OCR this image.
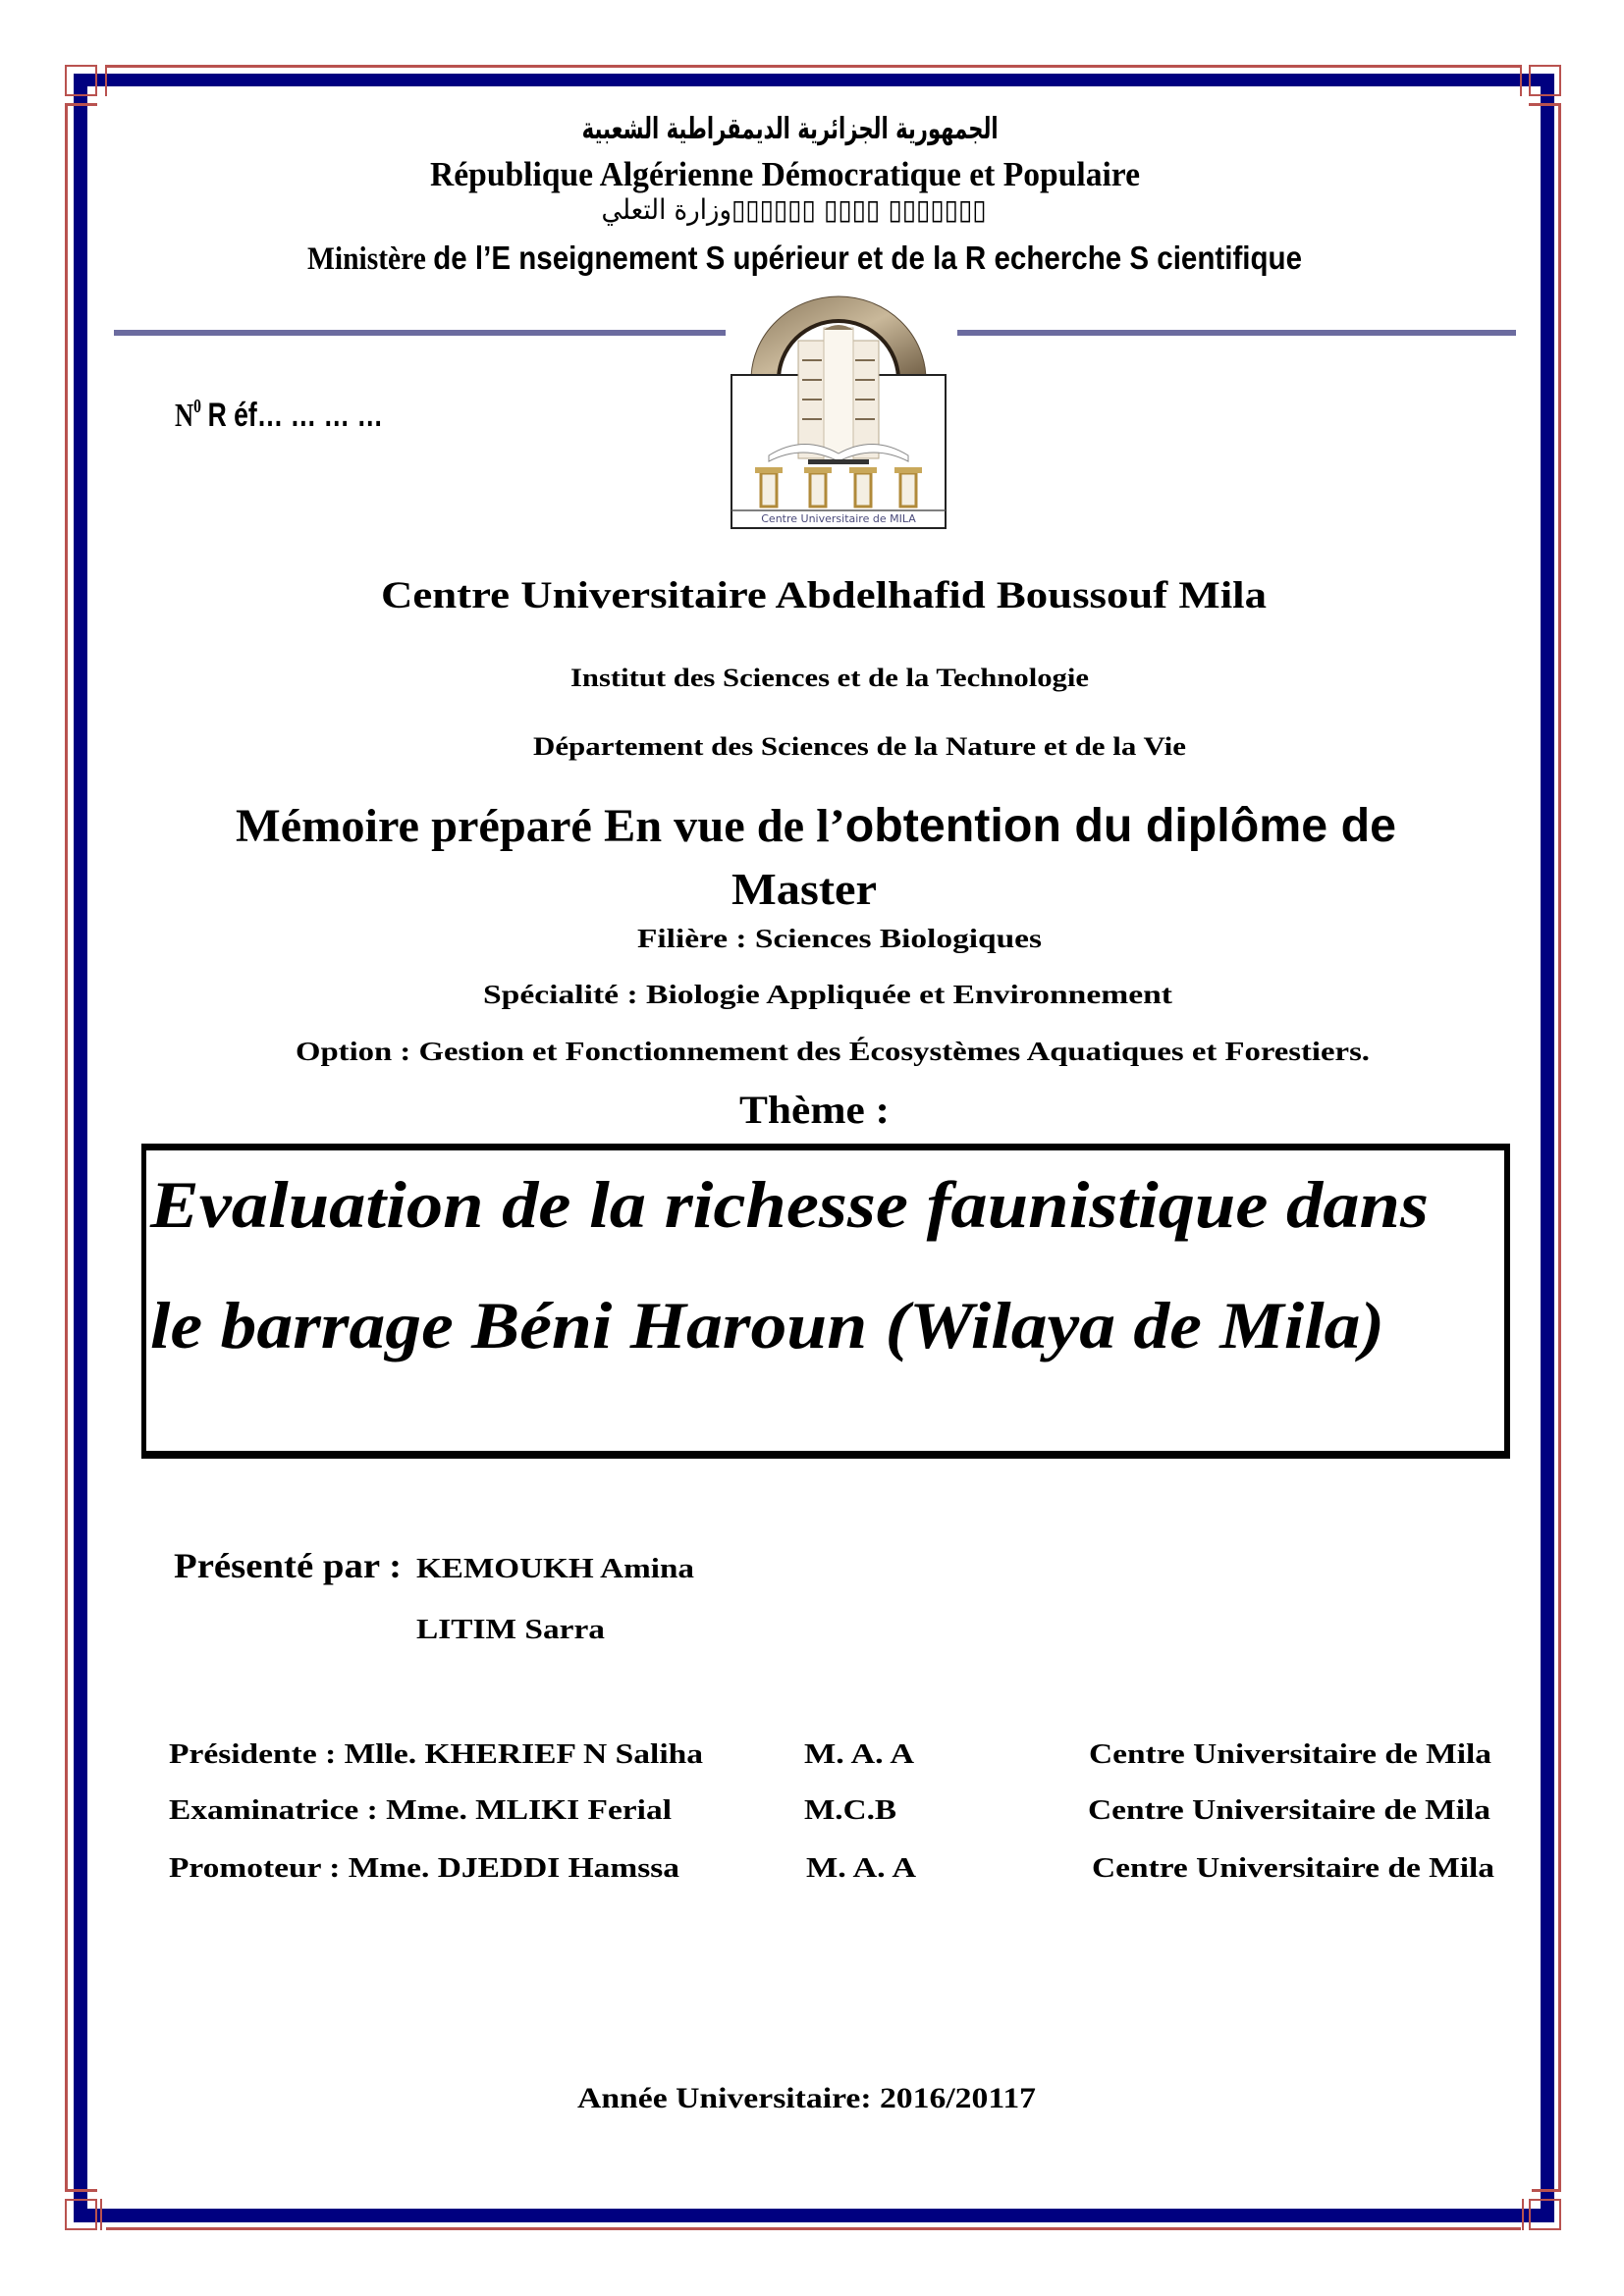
الجمهورية الجزائرية الديمقراطية الشعبية
République Algérienne Démocratique et Populaire
▯▯▯▯▯▯▯ ▯▯▯▯ ▯▯▯▯▯▯وزارة التعلي
Ministère de l’E nseignement S upérieur et de la R echerche S cientifique
$N^0$ R éf… … … …
Centre Universitaire de MILA
Centre Universitaire Abdelhafid Boussouf Mila
Institut des Sciences et de la Technologie
Département des Sciences de la Nature et de la Vie
Mémoire préparé En vue de l’obtention du diplôme de
Master
Filière : Sciences Biologiques
Spécialité : Biologie Appliquée et Environnement
Option : Gestion et Fonctionnement des Écosystèmes Aquatiques et Forestiers.
Thème :
Evaluation de la richesse faunistique dans
le barrage Béni Haroun (Wilaya de Mila)
Présenté par : KEMOUKH Amina
LITIM Sarra
Présidente : Mlle. KHERIEF N Saliha	M. A. A	Centre Universitaire de Mila
Examinatrice : Mme. MLIKI Ferial	M.C.B	Centre Universitaire de Mila
Promoteur : Mme. DJEDDI Hamssa	M. A. A	Centre Universitaire de Mila
Année Universitaire: 2016/20117
